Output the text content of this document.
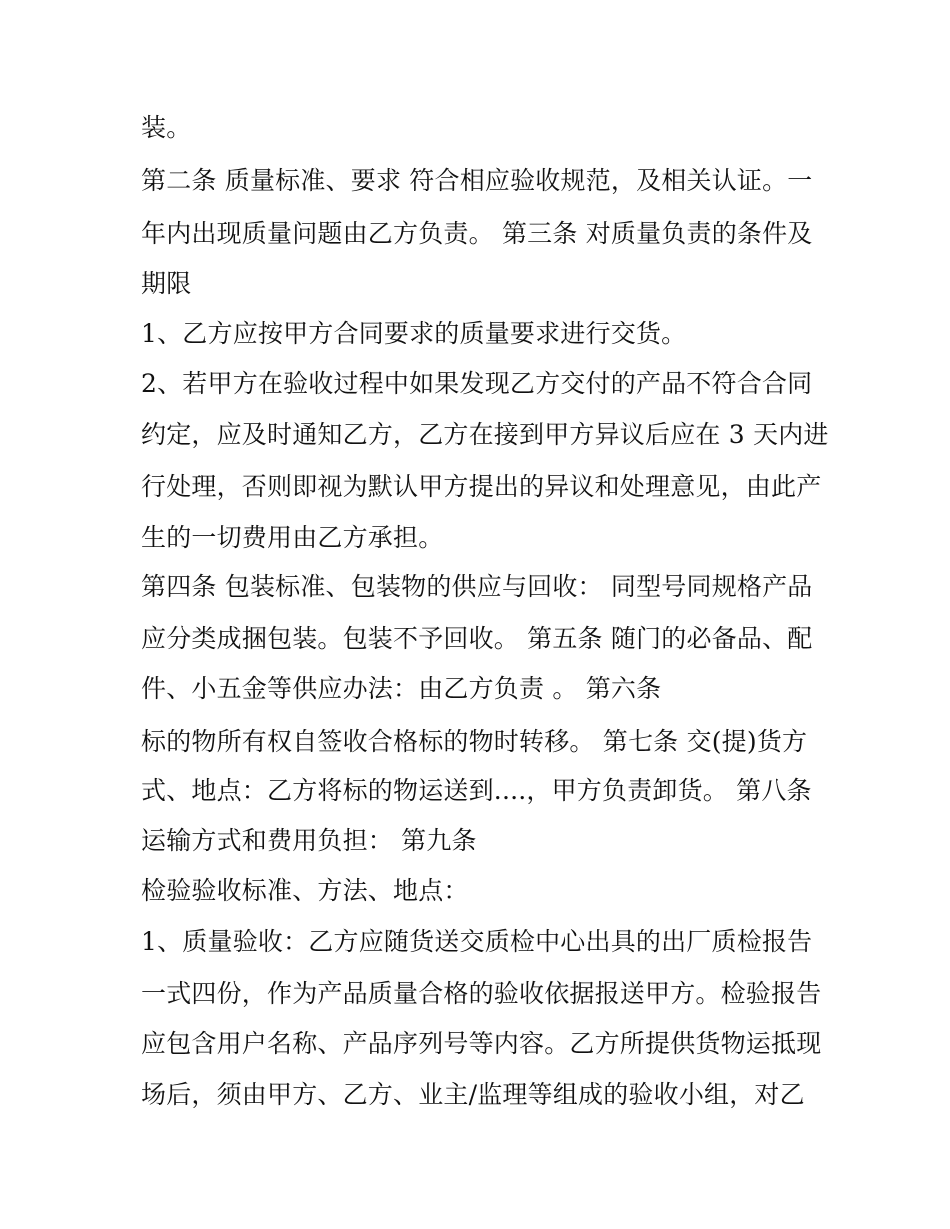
装。
第二条 质量标准、要求 符合相应验收规范，及相关认证。一
年内出现质量问题由乙方负责。 第三条 对质量负责的条件及
期限
1、乙方应按甲方合同要求的质量要求进行交货。
2、若甲方在验收过程中如果发现乙方交付的产品不符合合同
约定，应及时通知乙方，乙方在接到甲方异议后应在 3 天内进
行处理，否则即视为默认甲方提出的异议和处理意见，由此产
生的一切费用由乙方承担。
第四条 包装标准、包装物的供应与回收： 同型号同规格产品
应分类成捆包装。包装不予回收。 第五条 随门的必备品、配
件、小五金等供应办法：由乙方负责 。 第六条
标的物所有权自签收合格标的物时转移。 第七条 交(提)货方
式、地点：乙方将标的物运送到....，甲方负责卸货。 第八条
运输方式和费用负担： 第九条
检验验收标准、方法、地点：
1、质量验收：乙方应随货送交质检中心出具的出厂质检报告
一式四份，作为产品质量合格的验收依据报送甲方。检验报告
应包含用户名称、产品序列号等内容。乙方所提供货物运抵现
场后，须由甲方、乙方、业主/监理等组成的验收小组，对乙
